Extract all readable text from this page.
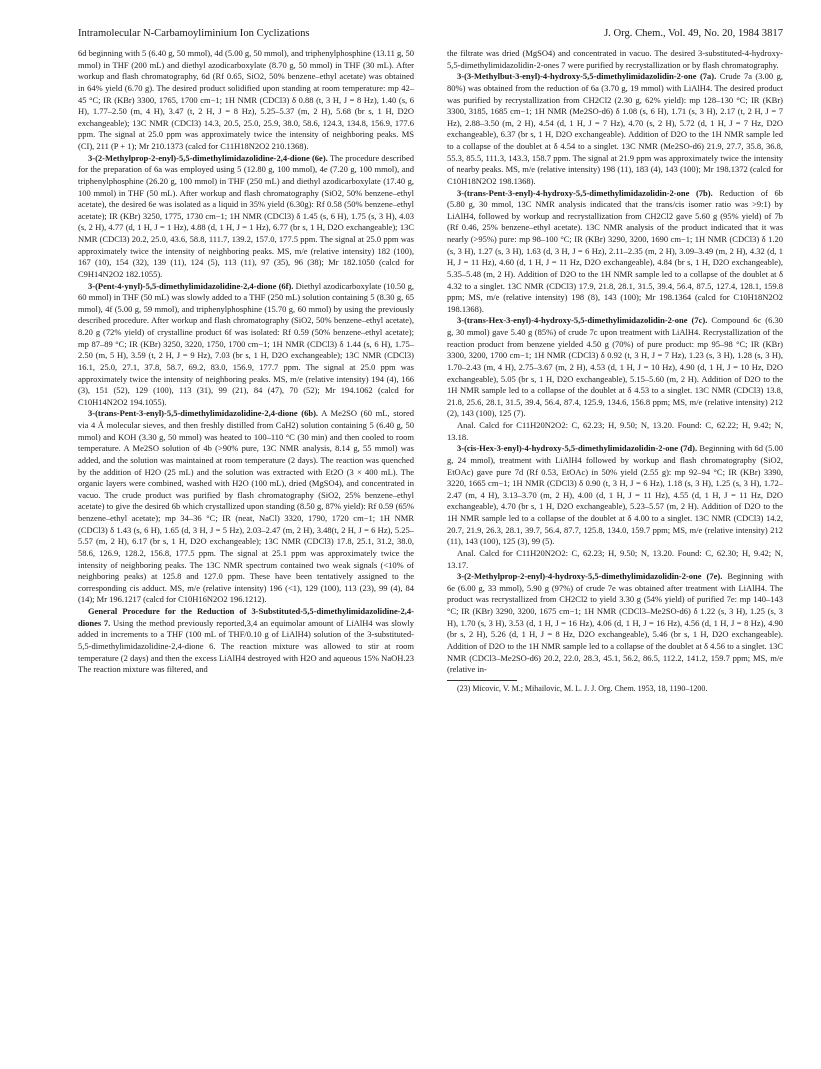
Intramolecular N-Carbamoyliminium Ion Cyclizations	J. Org. Chem., Vol. 49, No. 20, 1984 3817

6d beginning with 5 (6.40 g, 50 mmol), 4d (5.00 g, 50 mmol), and triphenylphosphine (13.11 g, 50 mmol) in THF (200 mL) and diethyl azodicarboxylate (8.70 g, 50 mmol) in THF (30 mL). After workup and flash chromatography, 6d (Rf 0.65, SiO2, 50% benzene–ethyl acetate) was obtained in 64% yield (6.70 g). The desired product solidified upon standing at room temperature: mp 42–45 °C; IR (KBr) 3300, 1765, 1700 cm−1; 1H NMR (CDCl3) δ 0.88 (t, 3 H, J = 8 Hz), 1.40 (s, 6 H), 1.77–2.50 (m, 4 H), 3.47 (t, 2 H, J = 8 Hz), 5.25–5.37 (m, 2 H), 5.68 (br s, 1 H, D2O exchangeable); 13C NMR (CDCl3) 14.3, 20.5, 25.0, 25.9, 38.0, 58.6, 124.3, 134.8, 156.9, 177.6 ppm. The signal at 25.0 ppm was approximately twice the intensity of neighboring peaks. MS (CI), 211 (P + 1); Mr 210.1373 (calcd for C11H18N2O2 210.1368).

3-(2-Methylprop-2-enyl)-5,5-dimethylimidazolidine-2,4-dione (6e). The procedure described for the preparation of 6a was employed using 5 (12.80 g, 100 mmol), 4e (7.20 g, 100 mmol), and triphenylphosphine (26.20 g, 100 mmol) in THF (250 mL) and diethyl azodicarboxylate (17.40 g, 100 mmol) in THF (50 mL). After workup and flash chromatography (SiO2, 50% benzene–ethyl acetate), the desired 6e was isolated as a liquid in 35% yield (6.30g): Rf 0.58 (50% benzene–ethyl acetate); IR (KBr) 3250, 1775, 1730 cm−1; 1H NMR (CDCl3) δ 1.45 (s, 6 H), 1.75 (s, 3 H), 4.03 (s, 2 H), 4.77 (d, 1 H, J = 1 Hz), 4.88 (d, 1 H, J = 1 Hz), 6.77 (br s, 1 H, D2O exchangeable); 13C NMR (CDCl3) 20.2, 25.0, 43.6, 58.8, 111.7, 139.2, 157.0, 177.5 ppm. The signal at 25.0 ppm was approximately twice the intensity of neighboring peaks. MS, m/e (relative intensity) 182 (100), 167 (10), 154 (32), 139 (11), 124 (5), 113 (11), 97 (35), 96 (38); Mr 182.1050 (calcd for C9H14N2O2 182.1055).

3-(Pent-4-ynyl)-5,5-dimethylimidazolidine-2,4-dione (6f). Diethyl azodicarboxylate (10.50 g, 60 mmol) in THF (50 mL) was slowly added to a THF (250 mL) solution containing 5 (8.30 g, 65 mmol), 4f (5.00 g, 59 mmol), and triphenylphosphine (15.70 g, 60 mmol) by using the previously described procedure. After workup and flash chromatography (SiO2, 50% benzene–ethyl acetate), 8.20 g (72% yield) of crystalline product 6f was isolated: Rf 0.59 (50% benzene–ethyl acetate); mp 87–89 °C; IR (KBr) 3250, 3220, 1750, 1700 cm−1; 1H NMR (CDCl3) δ 1.44 (s, 6 H), 1.75–2.50 (m, 5 H), 3.59 (t, 2 H, J = 9 Hz), 7.03 (br s, 1 H, D2O exchangeable); 13C NMR (CDCl3) 16.1, 25.0, 27.1, 37.8, 58.7, 69.2, 83.0, 156.9, 177.7 ppm. The signal at 25.0 ppm was approximately twice the intensity of neighboring peaks. MS, m/e (relative intensity) 194 (4), 166 (3), 151 (52), 129 (100), 113 (31), 99 (21), 84 (47), 70 (52); Mr 194.1062 (calcd for C10H14N2O2 194.1055).

3-(trans-Pent-3-enyl)-5,5-dimethylimidazolidine-2,4-dione (6b). A Me2SO (60 mL, stored via 4 Å molecular sieves, and then freshly distilled from CaH2) solution containing 5 (6.40 g, 50 mmol) and KOH (3.30 g, 50 mmol) was heated to 100–110 °C (30 min) and then cooled to room temperature. A Me2SO solution of 4b (>90% pure, 13C NMR analysis, 8.14 g, 55 mmol) was added, and the solution was maintained at room temperature (2 days). The reaction was quenched by the addition of H2O (25 mL) and the solution was extracted with Et2O (3 × 400 mL). The organic layers were combined, washed with H2O (100 mL), dried (MgSO4), and concentrated in vacuo. The crude product was purified by flash chromatography (SiO2, 25% benzene–ethyl acetate) to give the desired 6b which crystallized upon standing (8.50 g, 87% yield): Rf 0.59 (65% benzene–ethyl acetate); mp 34–36 °C; IR (neat, NaCl) 3320, 1790, 1720 cm−1; 1H NMR (CDCl3) δ 1.43 (s, 6 H), 1.65 (d, 3 H, J = 5 Hz), 2.03–2.47 (m, 2 H), 3.48(t, 2 H, J = 6 Hz), 5.25–5.57 (m, 2 H), 6.17 (br s, 1 H, D2O exchangeable); 13C NMR (CDCl3) 17.8, 25.1, 31.2, 38.0, 58.6, 126.9, 128.2, 156.8, 177.5 ppm. The signal at 25.1 ppm was approximately twice the intensity of neighboring peaks. The 13C NMR spectrum contained two weak signals (<10% of neighboring peaks) at 125.8 and 127.0 ppm. These have been tentatively assigned to the corresponding cis adduct. MS, m/e (relative intensity) 196 (<1), 129 (100), 113 (23), 99 (4), 84 (14); Mr 196.1217 (calcd for C10H16N2O2 196.1212).

General Procedure for the Reduction of 3-Substituted-5,5-dimethylimidazolidine-2,4-diones 7. Using the method previously reported,3,4 an equimolar amount of LiAlH4 was slowly added in increments to a THF (100 mL of THF/0.10 g of LiAlH4) solution of the 3-substituted-5,5-dimethylimidazolidine-2,4-dione 6. The reaction mixture was allowed to stir at room temperature (2 days) and then the excess LiAlH4 destroyed with H2O and aqueous 15% NaOH.23 The reaction mixture was filtered, and

the filtrate was dried (MgSO4) and concentrated in vacuo. The desired 3-substituted-4-hydroxy-5,5-dimethylimidazolidin-2-ones 7 were purified by recrystallization or by flash chromatography.

3-(3-Methylbut-3-enyl)-4-hydroxy-5,5-dimethylimidazolidin-2-one (7a). Crude 7a (3.00 g, 80%) was obtained from the reduction of 6a (3.70 g, 19 mmol) with LiAlH4. The desired product was purified by recrystallization from CH2Cl2 (2.30 g, 62% yield): mp 128–130 °C; IR (KBr) 3300, 3185, 1685 cm−1; 1H NMR (Me2SO-d6) δ 1.08 (s, 6 H), 1.71 (s, 3 H), 2.17 (t, 2 H, J = 7 Hz), 2.88–3.50 (m, 2 H), 4.54 (d, 1 H, J = 7 Hz), 4.70 (s, 2 H), 5.72 (d, 1 H, J = 7 Hz, D2O exchangeable), 6.37 (br s, 1 H, D2O exchangeable). Addition of D2O to the 1H NMR sample led to a collapse of the doublet at δ 4.54 to a singlet. 13C NMR (Me2SO-d6) 21.9, 27.7, 35.8, 36.8, 55.3, 85.5, 111.3, 143.3, 158.7 ppm. The signal at 21.9 ppm was approximately twice the intensity of nearby peaks. MS, m/e (relative intensity) 198 (11), 183 (4), 143 (100); Mr 198.1372 (calcd for C10H18N2O2 198.1368).

3-(trans-Pent-3-enyl)-4-hydroxy-5,5-dimethylimidazolidin-2-one (7b). Reduction of 6b (5.80 g, 30 mmol, 13C NMR analysis indicated that the trans/cis isomer ratio was >9:1) by LiAlH4, followed by workup and recrystallization from CH2Cl2 gave 5.60 g (95% yield) of 7b (Rf 0.46, 25% benzene–ethyl acetate). 13C NMR analysis of the product indicated that it was nearly (>95%) pure: mp 98–100 °C; IR (KBr) 3290, 3200, 1690 cm−1; 1H NMR (CDCl3) δ 1.20 (s, 3 H), 1.27 (s, 3 H), 1.63 (d, 3 H, J = 6 Hz), 2.11–2.35 (m, 2 H), 3.09–3.49 (m, 2 H), 4.32 (d, 1 H, J = 11 Hz), 4.60 (d, 1 H, J = 11 Hz, D2O exchangeable), 4.84 (br s, 1 H, D2O exchangeable), 5.35–5.48 (m, 2 H). Addition of D2O to the 1H NMR sample led to a collapse of the doublet at δ 4.32 to a singlet. 13C NMR (CDCl3) 17.9, 21.8, 28.1, 31.5, 39.4, 56.4, 87.5, 127.4, 128.1, 159.8 ppm; MS, m/e (relative intensity) 198 (8), 143 (100); Mr 198.1364 (calcd for C10H18N2O2 198.1368).

3-(trans-Hex-3-enyl)-4-hydroxy-5,5-dimethylimidazolidin-2-one (7c). Compound 6c (6.30 g, 30 mmol) gave 5.40 g (85%) of crude 7c upon treatment with LiAlH4. Recrystallization of the reaction product from benzene yielded 4.50 g (70%) of pure product: mp 95–98 °C; IR (KBr) 3300, 3200, 1700 cm−1; 1H NMR (CDCl3) δ 0.92 (t, 3 H, J = 7 Hz), 1.23 (s, 3 H), 1.28 (s, 3 H), 1.70–2.43 (m, 4 H), 2.75–3.67 (m, 2 H), 4.53 (d, 1 H, J = 10 Hz), 4.90 (d, 1 H, J = 10 Hz, D2O exchangeable), 5.05 (br s, 1 H, D2O exchangeable), 5.15–5.60 (m, 2 H). Addition of D2O to the 1H NMR sample led to a collapse of the doublet at δ 4.53 to a singlet. 13C NMR (CDCl3) 13.8, 21.8, 25.6, 28.1, 31.5, 39.4, 56.4, 87.4, 125.9, 134.6, 156.8 ppm; MS, m/e (relative intensity) 212 (2), 143 (100), 125 (7).

Anal. Calcd for C11H20N2O2: C, 62.23; H, 9.50; N, 13.20. Found: C, 62.22; H, 9.42; N, 13.18.

3-(cis-Hex-3-enyl)-4-hydroxy-5,5-dimethylimidazolidin-2-one (7d). Beginning with 6d (5.00 g, 24 mmol), treatment with LiAlH4 followed by workup and flash chromatography (SiO2, EtOAc) gave pure 7d (Rf 0.53, EtOAc) in 50% yield (2.55 g): mp 92–94 °C; IR (KBr) 3390, 3220, 1665 cm−1; 1H NMR (CDCl3) δ 0.90 (t, 3 H, J = 6 Hz), 1.18 (s, 3 H), 1.25 (s, 3 H), 1.72–2.47 (m, 4 H), 3.13–3.70 (m, 2 H), 4.00 (d, 1 H, J = 11 Hz), 4.55 (d, 1 H, J = 11 Hz, D2O exchangeable), 4.70 (br s, 1 H, D2O exchangeable), 5.23–5.57 (m, 2 H). Addition of D2O to the 1H NMR sample led to a collapse of the doublet at δ 4.00 to a singlet. 13C NMR (CDCl3) 14.2, 20.7, 21.9, 26.3, 28.1, 39.7, 56.4, 87.7, 125.8, 134.0, 159.7 ppm; MS, m/e (relative intensity) 212 (11), 143 (100), 125 (3), 99 (5).

Anal. Calcd for C11H20N2O2: C, 62.23; H, 9.50; N, 13.20. Found: C, 62.30; H, 9.42; N, 13.17.

3-(2-Methylprop-2-enyl)-4-hydroxy-5,5-dimethylimidazolidin-2-one (7e). Beginning with 6e (6.00 g, 33 mmol), 5.90 g (97%) of crude 7e was obtained after treatment with LiAlH4. The product was recrystallized from CH2Cl2 to yield 3.30 g (54% yield) of purified 7e: mp 140–143 °C; IR (KBr) 3290, 3200, 1675 cm−1; 1H NMR (CDCl3–Me2SO-d6) δ 1.22 (s, 3 H), 1.25 (s, 3 H), 1.70 (s, 3 H), 3.53 (d, 1 H, J = 16 Hz), 4.06 (d, 1 H, J = 16 Hz), 4.56 (d, 1 H, J = 8 Hz), 4.90 (br s, 2 H), 5.26 (d, 1 H, J = 8 Hz, D2O exchangeable), 5.46 (br s, 1 H, D2O exchangeable). Addition of D2O to the 1H NMR sample led to a collapse of the doublet at δ 4.56 to a singlet. 13C NMR (CDCl3–Me2SO-d6) 20.2, 22.0, 28.3, 45.1, 56.2, 86.5, 112.2, 141.2, 159.7 ppm; MS, m/e (relative in-

(23) Micovic, V. M.; Mihailovic, M. L. J. J. Org. Chem. 1953, 18, 1190–1200.
